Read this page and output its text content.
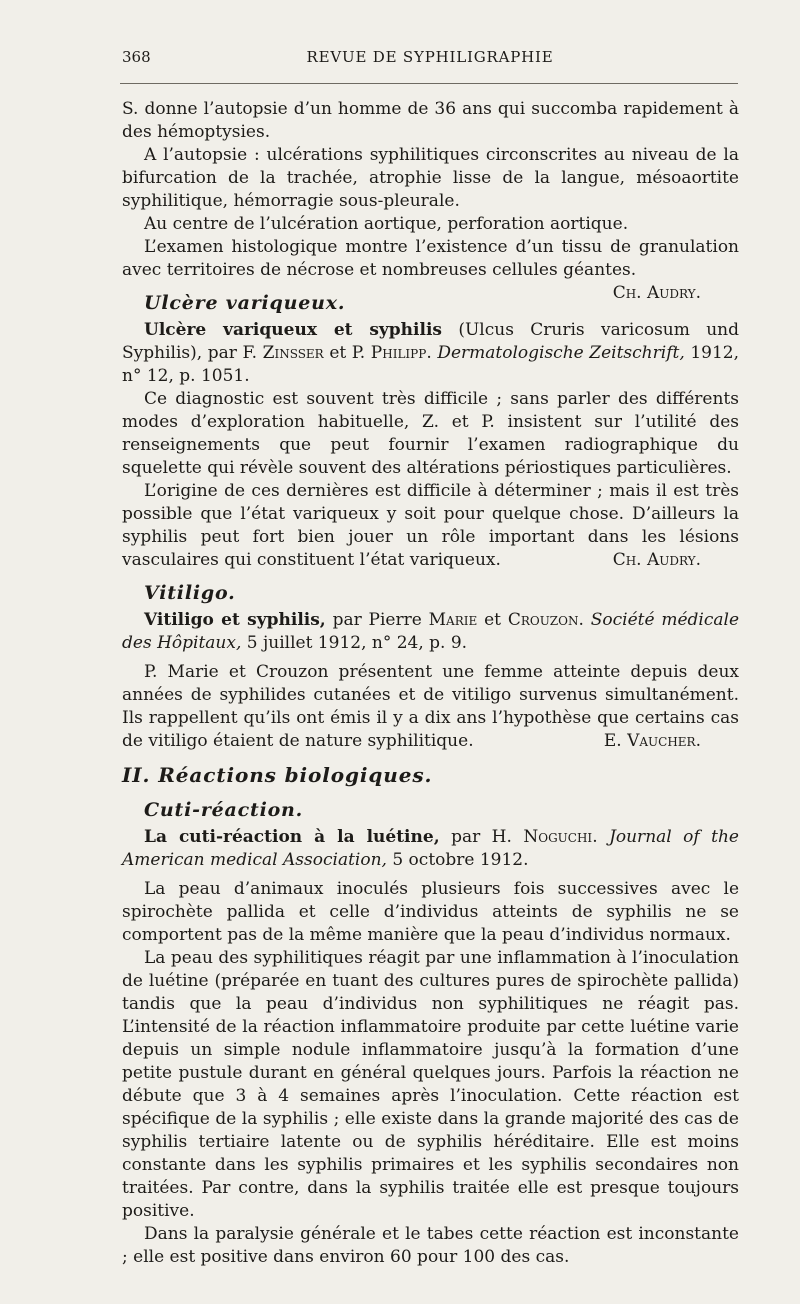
368	REVUE DE SYPHILIGRAPHIE

S. donne l’autopsie d’un homme de 36 ans qui succomba rapidement à des hémoptysies.

A l’autopsie : ulcérations syphilitiques circonscrites au niveau de la bifurcation de la trachée, atrophie lisse de la langue, mésoaortite syphilitique, hémorragie sous-pleurale.

Au centre de l’ulcération aortique, perforation aortique.

L’examen histologique montre l’existence d’un tissu de granulation avec territoires de nécrose et nombreuses cellules géantes.
Ch. Audry.

Ulcère variqueux.

Ulcère variqueux et syphilis (Ulcus Cruris varicosum und Syphilis), par F. Zinsser et P. Philipp. Dermatologische Zeitschrift, 1912, n° 12, p. 1051.

Ce diagnostic est souvent très difficile ; sans parler des différents modes d’exploration habituelle, Z. et P. insistent sur l’utilité des renseignements que peut fournir l’examen radiographique du squelette qui révèle souvent des altérations périostiques particulières.

L’origine de ces dernières est difficile à déterminer ; mais il est très possible que l’état variqueux y soit pour quelque chose. D’ailleurs la syphilis peut fort bien jouer un rôle important dans les lésions vasculaires qui constituent l’état variqueux.	Ch. Audry.

Vitiligo.

Vitiligo et syphilis, par Pierre Marie et Crouzon. Société médicale des Hôpitaux, 5 juillet 1912, n° 24, p. 9.

P. Marie et Crouzon présentent une femme atteinte depuis deux années de syphilides cutanées et de vitiligo survenus simultanément. Ils rappellent qu’ils ont émis il y a dix ans l’hypothèse que certains cas de vitiligo étaient de nature syphilitique.	E. Vaucher.

II. Réactions biologiques.
Cuti-réaction.

La cuti-réaction à la luétine, par H. Noguchi. Journal of the American medical Association, 5 octobre 1912.

La peau d’animaux inoculés plusieurs fois successives avec le spirochète pallida et celle d’individus atteints de syphilis ne se comportent pas de la même manière que la peau d’individus normaux.

La peau des syphilitiques réagit par une inflammation à l’inoculation de luétine (préparée en tuant des cultures pures de spirochète pallida) tandis que la peau d’individus non syphilitiques ne réagit pas. L’intensité de la réaction inflammatoire produite par cette luétine varie depuis un simple nodule inflammatoire jusqu’à la formation d’une petite pustule durant en général quelques jours. Parfois la réaction ne débute que 3 à 4 semaines après l’inoculation. Cette réaction est spécifique de la syphilis ; elle existe dans la grande majorité des cas de syphilis tertiaire latente ou de syphilis héréditaire. Elle est moins constante dans les syphilis primaires et les syphilis secondaires non traitées. Par contre, dans la syphilis traitée elle est presque toujours positive.

Dans la paralysie générale et le tabes cette réaction est inconstante ; elle est positive dans environ 60 pour 100 des cas.
